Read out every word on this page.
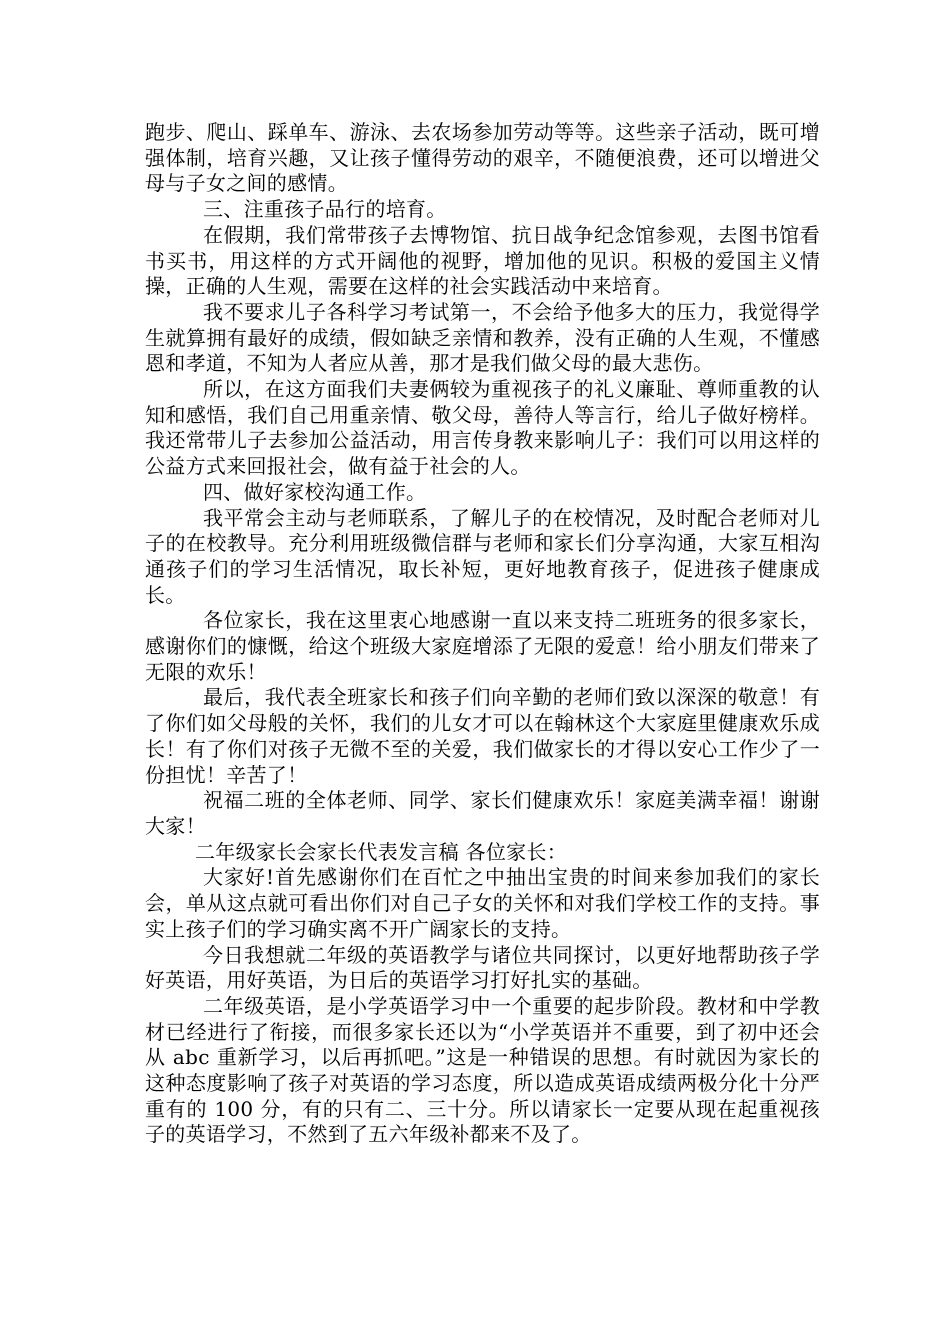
跑步、爬山、踩单车、游泳、去农场参加劳动等等。这些亲子活动，既可增强体制，培育兴趣，又让孩子懂得劳动的艰辛，不随便浪费，还可以增进父母与子女之间的感情。

三、注重孩子品行的培育。

在假期，我们常带孩子去博物馆、抗日战争纪念馆参观，去图书馆看书买书，用这样的方式开阔他的视野，增加他的见识。积极的爱国主义情操，正确的人生观，需要在这样的社会实践活动中来培育。

我不要求儿子各科学习考试第一，不会给予他多大的压力，我觉得学生就算拥有最好的成绩，假如缺乏亲情和教养，没有正确的人生观，不懂感恩和孝道，不知为人者应从善，那才是我们做父母的最大悲伤。

所以，在这方面我们夫妻俩较为重视孩子的礼义廉耻、尊师重教的认知和感悟，我们自己用重亲情、敬父母，善待人等言行，给儿子做好榜样。我还常带儿子去参加公益活动，用言传身教来影响儿子：我们可以用这样的公益方式来回报社会，做有益于社会的人。

四、做好家校沟通工作。

我平常会主动与老师联系，了解儿子的在校情况，及时配合老师对儿子的在校教导。充分利用班级微信群与老师和家长们分享沟通，大家互相沟通孩子们的学习生活情况，取长补短，更好地教育孩子，促进孩子健康成长。

各位家长，我在这里衷心地感谢一直以来支持二班班务的很多家长，感谢你们的慷慨，给这个班级大家庭增添了无限的爱意！给小朋友们带来了无限的欢乐！

最后，我代表全班家长和孩子们向辛勤的老师们致以深深的敬意！有了你们如父母般的关怀，我们的儿女才可以在翰林这个大家庭里健康欢乐成长！有了你们对孩子无微不至的关爱，我们做家长的才得以安心工作少了一份担忧！辛苦了！

祝福二班的全体老师、同学、家长们健康欢乐！家庭美满幸福！谢谢大家！

二年级家长会家长代表发言稿 各位家长：

大家好!首先感谢你们在百忙之中抽出宝贵的时间来参加我们的家长会，单从这点就可看出你们对自己子女的关怀和对我们学校工作的支持。事实上孩子们的学习确实离不开广阔家长的支持。

今日我想就二年级的英语教学与诸位共同探讨，以更好地帮助孩子学好英语，用好英语，为日后的英语学习打好扎实的基础。

二年级英语，是小学英语学习中一个重要的起步阶段。教材和中学教材已经进行了衔接，而很多家长还以为“小学英语并不重要，到了初中还会从 abc 重新学习，以后再抓吧。”这是一种错误的思想。有时就因为家长的这种态度影响了孩子对英语的学习态度，所以造成英语成绩两极分化十分严重有的 100 分，有的只有二、三十分。所以请家长一定要从现在起重视孩子的英语学习，不然到了五六年级补都来不及了。
